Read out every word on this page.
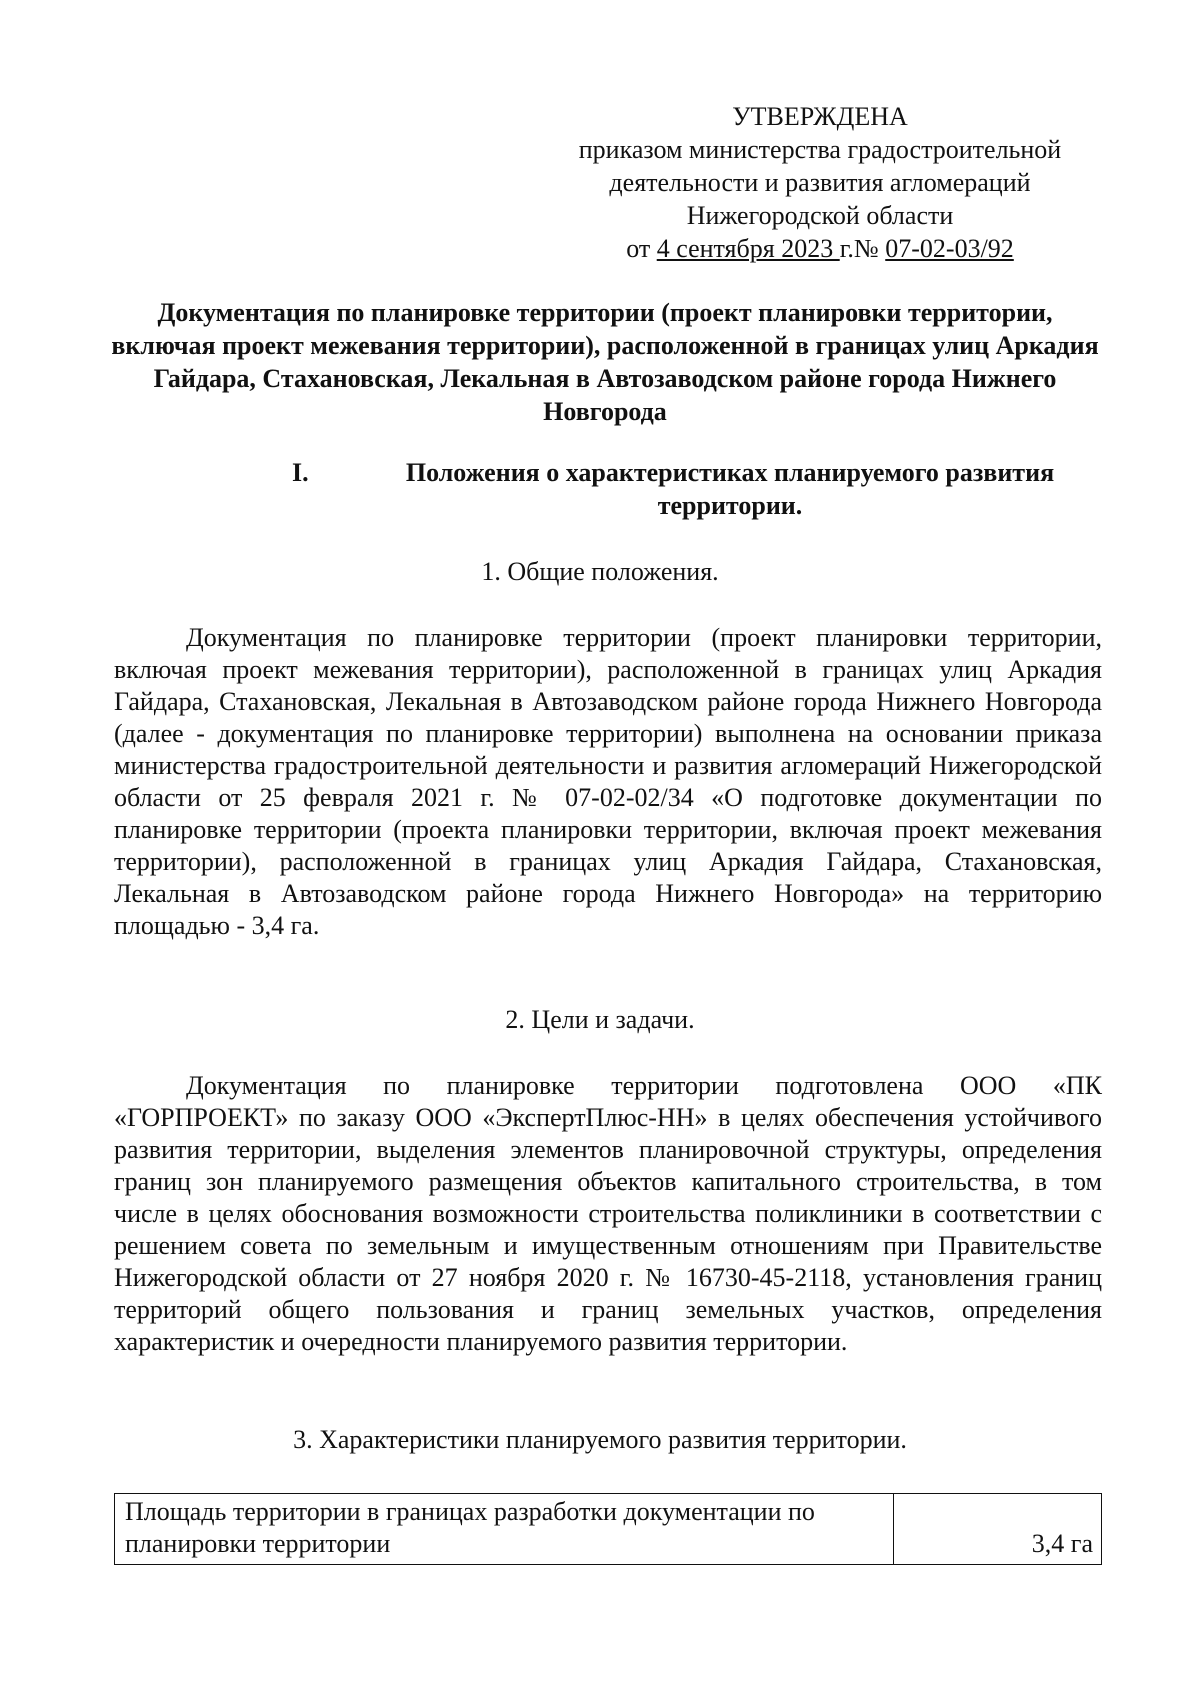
УТВЕРЖДЕНА
приказом министерства градостроительной
деятельности и развития агломераций
Нижегородской области
от 4 сентября 2023 г.№ 07-02-03/92
Документация по планировке территории (проект планировки территории, включая проект межевания территории), расположенной в границах улиц Аркадия Гайдара, Стахановская, Лекальная в Автозаводском районе города Нижнего Новгорода
I.	Положения о характеристиках планируемого развития территории.
1. Общие положения.
Документация по планировке территории (проект планировки территории, включая проект межевания территории), расположенной в границах улиц Аркадия Гайдара, Стахановская, Лекальная в Автозаводском районе города Нижнего Новгорода (далее - документация по планировке территории) выполнена на основании приказа министерства градостроительной деятельности и развития агломераций Нижегородской области от 25 февраля 2021 г. № 07-02-02/34 «О подготовке документации по планировке территории (проекта планировки территории, включая проект межевания территории), расположенной в границах улиц Аркадия Гайдара, Стахановская, Лекальная в Автозаводском районе города Нижнего Новгорода» на территорию площадью - 3,4 га.
2. Цели и задачи.
Документация по планировке территории подготовлена ООО «ПК «ГОРПРОЕКТ» по заказу ООО «ЭкспертПлюс-НН» в целях обеспечения устойчивого развития территории, выделения элементов планировочной структуры, определения границ зон планируемого размещения объектов капитального строительства, в том числе в целях обоснования возможности строительства поликлиники в соответствии с решением совета по земельным и имущественным отношениям при Правительстве Нижегородской области от 27 ноября 2020 г. № 16730-45-2118, установления границ территорий общего пользования и границ земельных участков, определения характеристик и очередности планируемого развития территории.
3. Характеристики планируемого развития территории.
Площадь территории в границах разработки документации по планировки территории	3,4 га
